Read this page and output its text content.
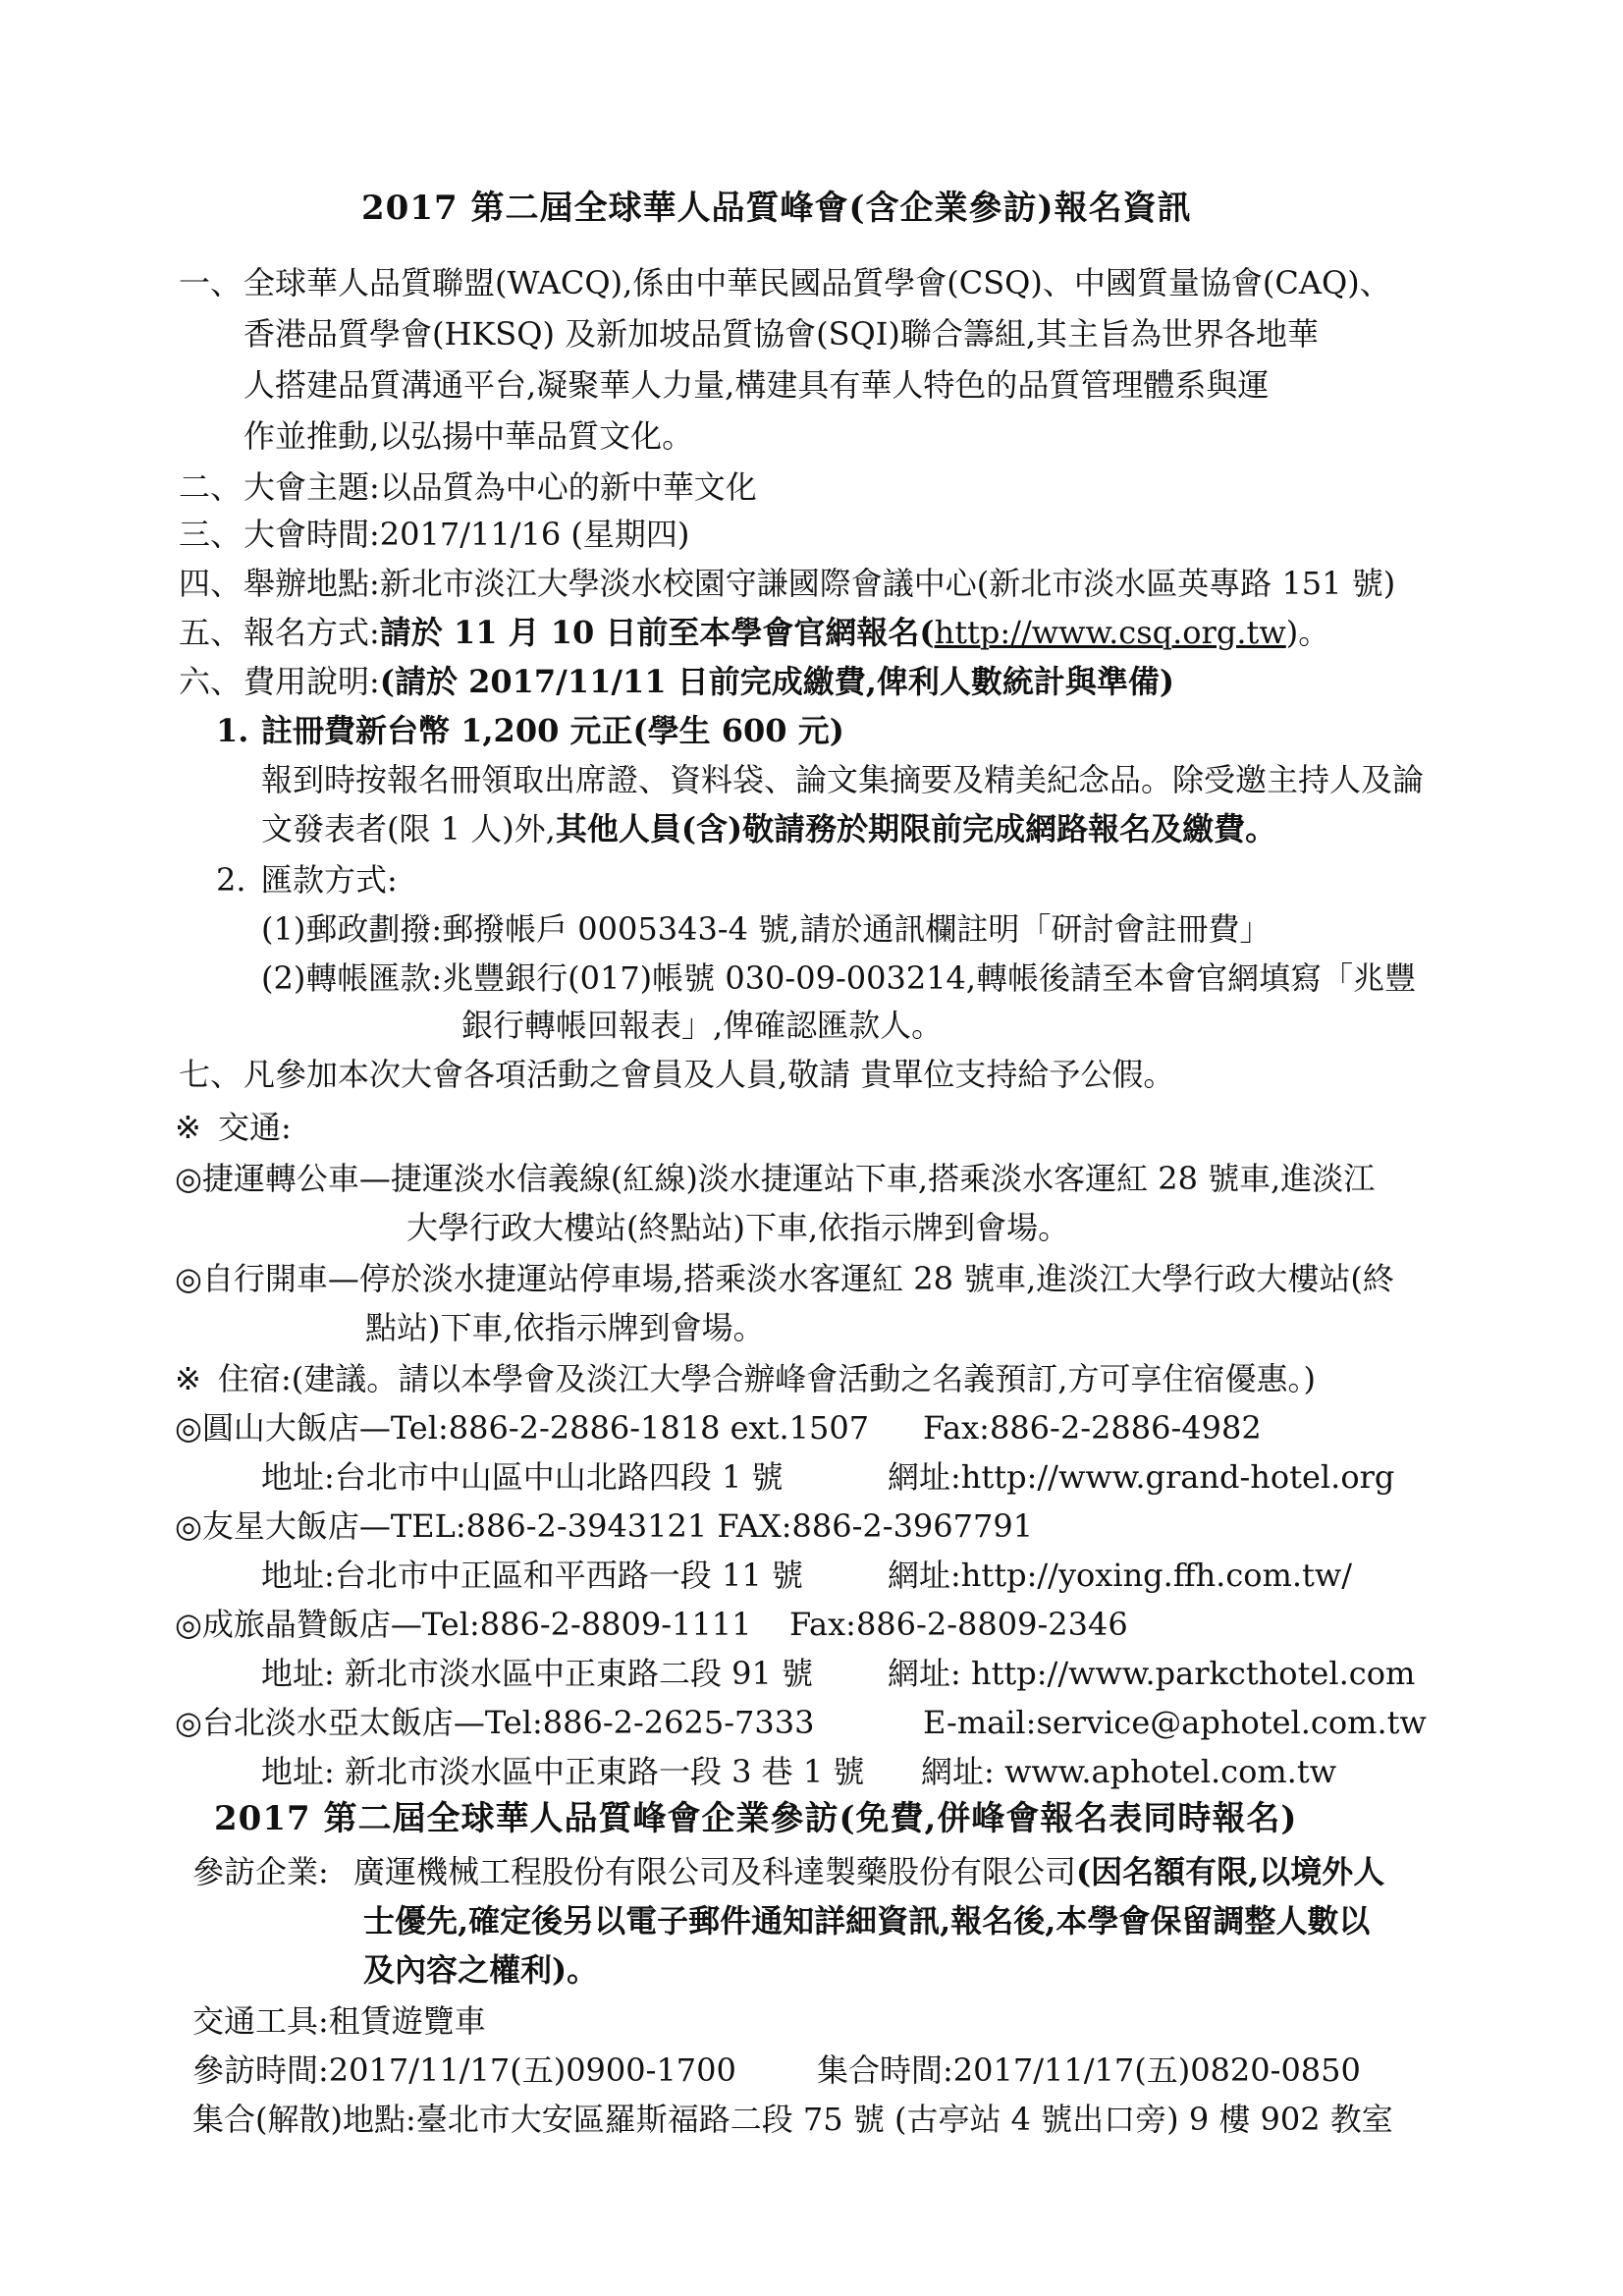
2017 第二屆全球華人品質峰會(含企業參訪)報名資訊
一、 全球華人品質聯盟(WACQ),係由中華民國品質學會(CSQ)、中國質量協會(CAQ)、
香港品質學會(HKSQ) 及新加坡品質協會(SQI)聯合籌組,其主旨為世界各地華
人搭建品質溝通平台,凝聚華人力量,構建具有華人特色的品質管理體系與運
作並推動,以弘揚中華品質文化。
二、 大會主題:以品質為中心的新中華文化
三、 大會時間:2017/11/16 (星期四)
四、 舉辦地點:新北市淡江大學淡水校園守謙國際會議中心(新北市淡水區英專路 151 號)
五、 報名方式:請於 11 月 10 日前至本學會官網報名(http://www.csq.org.tw)。
六、 費用說明:(請於 2017/11/11 日前完成繳費,俾利人數統計與準備)
1. 註冊費新台幣 1,200 元正(學生 600 元)
報到時按報名冊領取出席證、資料袋、論文集摘要及精美紀念品。除受邀主持人及論
文發表者(限 1 人)外,其他人員(含)敬請務於期限前完成網路報名及繳費。
2. 匯款方式:
(1)郵政劃撥:郵撥帳戶 0005343-4 號,請於通訊欄註明「研討會註冊費」
(2)轉帳匯款:兆豐銀行(017)帳號 030-09-003214,轉帳後請至本會官網填寫「兆豐
銀行轉帳回報表」,俾確認匯款人。
七、 凡參加本次大會各項活動之會員及人員,敬請 貴單位支持給予公假。
※ 交通:
◎捷運轉公車—捷運淡水信義線(紅線)淡水捷運站下車,搭乘淡水客運紅 28 號車,進淡江
大學行政大樓站(終點站)下車,依指示牌到會場。
◎自行開車—停於淡水捷運站停車場,搭乘淡水客運紅 28 號車,進淡江大學行政大樓站(終
點站)下車,依指示牌到會場。
※ 住宿:(建議。請以本學會及淡江大學合辦峰會活動之名義預訂,方可享住宿優惠。)
◎圓山大飯店—Tel:886-2-2886-1818 ext.1507 Fax:886-2-2886-4982
地址:台北市中山區中山北路四段 1 號	網址:http://www.grand-hotel.org
◎友星大飯店—TEL:886-2-3943121 FAX:886-2-3967791
地址:台北市中正區和平西路一段 11 號	網址:http://yoxing.ffh.com.tw/
◎成旅晶贊飯店—Tel:886-2-8809-1111 Fax:886-2-8809-2346
地址: 新北市淡水區中正東路二段 91 號 網址: http://www.parkcthotel.com
◎台北淡水亞太飯店—Tel:886-2-2625-7333	E-mail:service@aphotel.com.tw
地址: 新北市淡水區中正東路一段 3 巷 1 號 網址: www.aphotel.com.tw
2017 第二屆全球華人品質峰會企業參訪(免費,併峰會報名表同時報名)
參訪企業: 廣運機械工程股份有限公司及科達製藥股份有限公司(因名額有限,以境外人
士優先,確定後另以電子郵件通知詳細資訊,報名後,本學會保留調整人數以
及內容之權利)。
交通工具:租賃遊覽車
參訪時間:2017/11/17(五)0900-1700	集合時間:2017/11/17(五)0820-0850
集合(解散)地點:臺北市大安區羅斯福路二段 75 號 (古亭站 4 號出口旁) 9 樓 902 教室
